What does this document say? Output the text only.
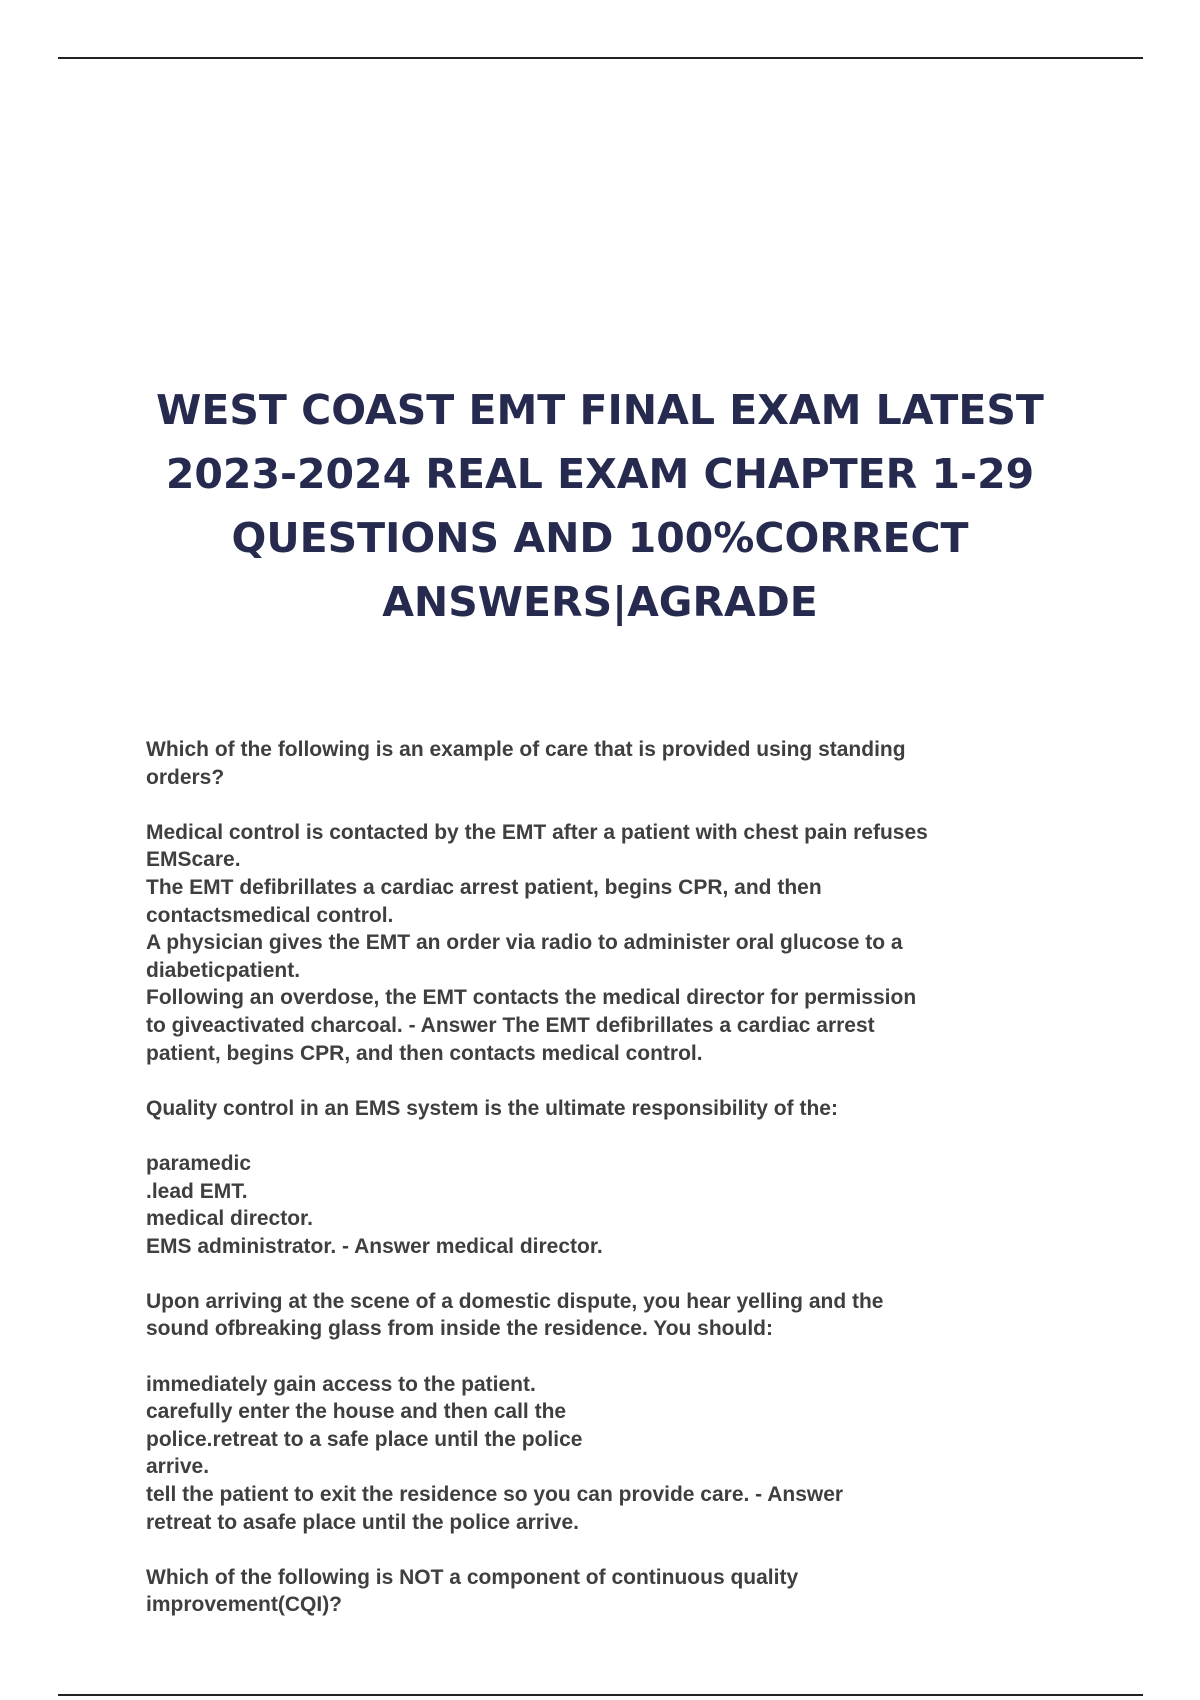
WEST COAST EMT FINAL EXAM LATEST
2023-2024 REAL EXAM CHAPTER 1-29
QUESTIONS AND 100%CORRECT
ANSWERS|AGRADE

Which of the following is an example of care that is provided using standing
orders?

Medical control is contacted by the EMT after a patient with chest pain refuses
EMScare.
The EMT defibrillates a cardiac arrest patient, begins CPR, and then
contactsmedical control.
A physician gives the EMT an order via radio to administer oral glucose to a
diabeticpatient.
Following an overdose, the EMT contacts the medical director for permission
to giveactivated charcoal. - Answer The EMT defibrillates a cardiac arrest
patient, begins CPR, and then contacts medical control.

Quality control in an EMS system is the ultimate responsibility of the:

paramedic
.lead EMT.
medical director.
EMS administrator. - Answer medical director.

Upon arriving at the scene of a domestic dispute, you hear yelling and the
sound ofbreaking glass from inside the residence. You should:

immediately gain access to the patient.
carefully enter the house and then call the
police.retreat to a safe place until the police
arrive.
tell the patient to exit the residence so you can provide care. - Answer
retreat to asafe place until the police arrive.

Which of the following is NOT a component of continuous quality
improvement(CQI)?
